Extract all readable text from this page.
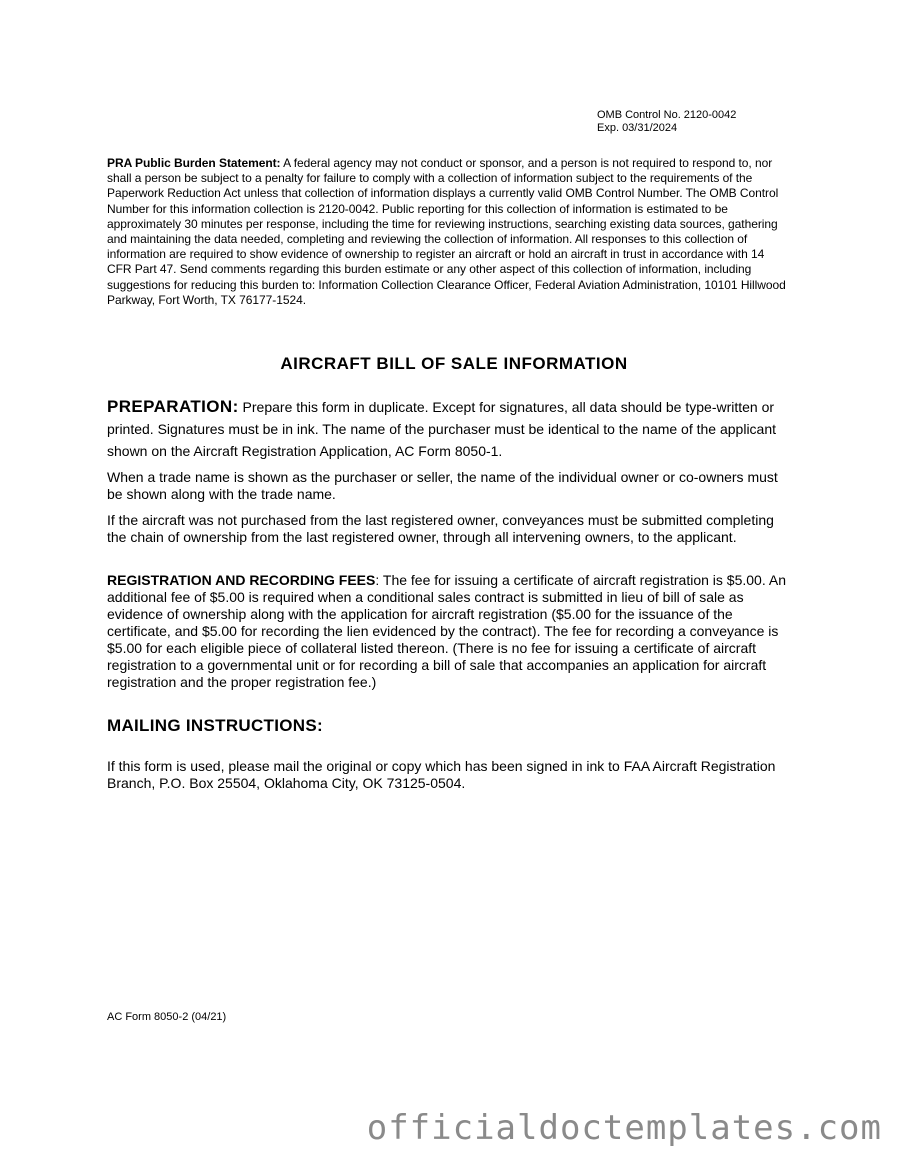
OMB Control No. 2120-0042
Exp. 03/31/2024
PRA Public Burden Statement: A federal agency may not conduct or sponsor, and a person is not required to respond to, nor shall a person be subject to a penalty for failure to comply with a collection of information subject to the requirements of the Paperwork Reduction Act unless that collection of information displays a currently valid OMB Control Number. The OMB Control Number for this information collection is 2120-0042. Public reporting for this collection of information is estimated to be approximately 30 minutes per response, including the time for reviewing instructions, searching existing data sources, gathering and maintaining the data needed, completing and reviewing the collection of information. All responses to this collection of information are required to show evidence of ownership to register an aircraft or hold an aircraft in trust in accordance with 14 CFR Part 47. Send comments regarding this burden estimate or any other aspect of this collection of information, including suggestions for reducing this burden to: Information Collection Clearance Officer, Federal Aviation Administration, 10101 Hillwood Parkway, Fort Worth, TX 76177-1524.
AIRCRAFT BILL OF SALE INFORMATION
PREPARATION: Prepare this form in duplicate. Except for signatures, all data should be type-written or printed. Signatures must be in ink. The name of the purchaser must be identical to the name of the applicant shown on the Aircraft Registration Application, AC Form 8050-1.
When a trade name is shown as the purchaser or seller, the name of the individual owner or co-owners must be shown along with the trade name.
If the aircraft was not purchased from the last registered owner, conveyances must be submitted completing the chain of ownership from the last registered owner, through all intervening owners, to the applicant.
REGISTRATION AND RECORDING FEES: The fee for issuing a certificate of aircraft registration is $5.00. An additional fee of $5.00 is required when a conditional sales contract is submitted in lieu of bill of sale as evidence of ownership along with the application for aircraft registration ($5.00 for the issuance of the certificate, and $5.00 for recording the lien evidenced by the contract). The fee for recording a conveyance is $5.00 for each eligible piece of collateral listed thereon. (There is no fee for issuing a certificate of aircraft registration to a governmental unit or for recording a bill of sale that accompanies an application for aircraft registration and the proper registration fee.)
MAILING INSTRUCTIONS:
If this form is used, please mail the original or copy which has been signed in ink to FAA Aircraft Registration Branch, P.O. Box 25504, Oklahoma City, OK 73125-0504.
AC Form 8050-2 (04/21)
officialdoctemplates.com
